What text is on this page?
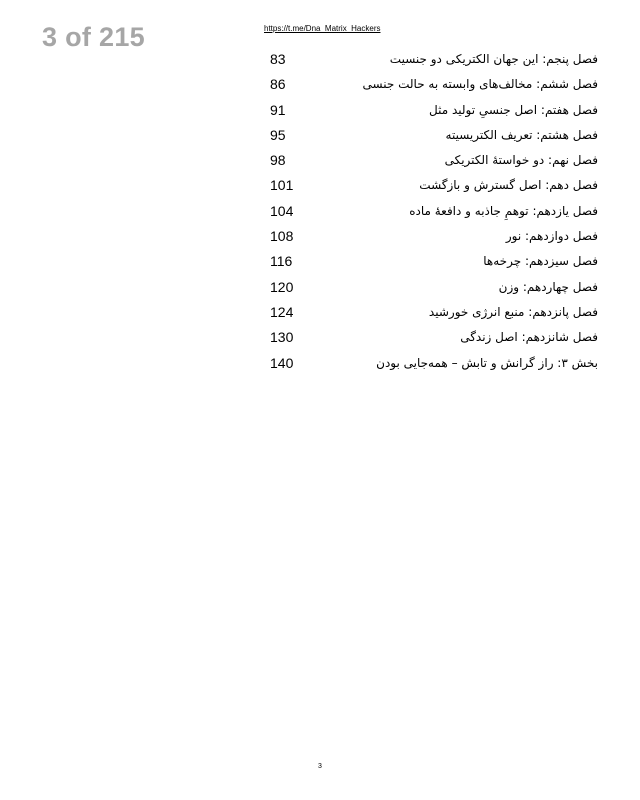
3 of 215	https://t.me/Dna_Matrix_Hackers
83	فصل پنجم: این جهان الکتریکی دو جنسیت
86	فصل ششم: مخالف‌های وابسته به حالت جنسی
91	فصل هفتم: اصل جنسیِ تولید مثل
95	فصل هشتم: تعریف الکتریسیته
98	فصل نهم: دو خواستهٔ الکتریکی
101	فصل دهم: اصل گسترش و بازگشت
104	فصل یازدهم: توهمِ جاذبه و دافعهٔ ماده
108	فصل دوازدهم: نور
116	فصل سیزدهم: چرخه‌ها
120	فصل چهاردهم: وزن
124	فصل پانزدهم: منبع انرژی خورشید
130	فصل شانزدهم: اصل زندگی
140	بخش ۳: راز گرانش و تابش – همه‌جایی بودن
3
